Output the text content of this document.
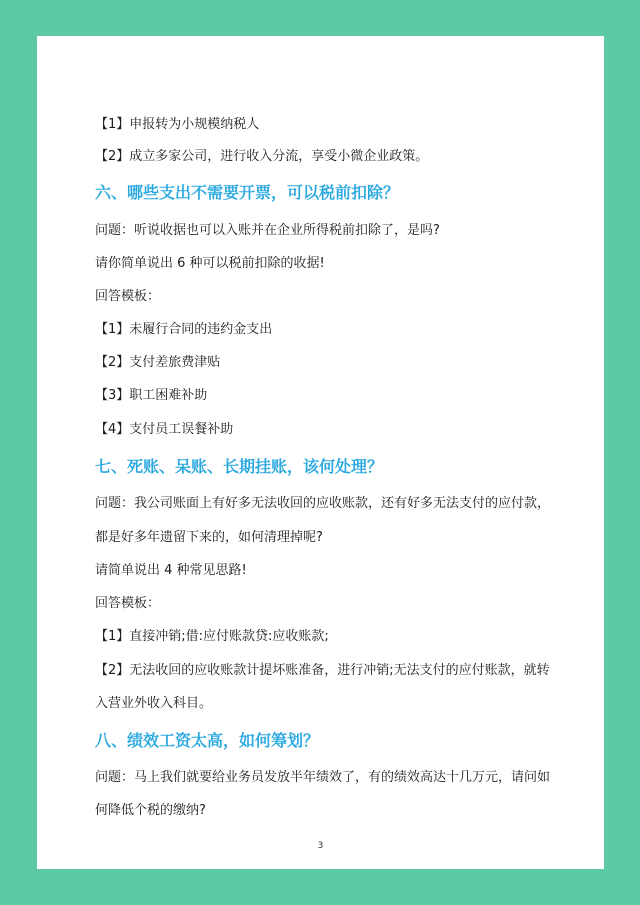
【1】申报转为小规模纳税人
【2】成立多家公司，进行收入分流，享受小微企业政策。
六、哪些支出不需要开票，可以税前扣除？
问题：听说收据也可以入账并在企业所得税前扣除了，是吗?
请你简单说出 6 种可以税前扣除的收据!
回答模板：
【1】未履行合同的违约金支出
【2】支付差旅费津贴
【3】职工困难补助
【4】支付员工误餐补助
七、死账、呆账、长期挂账，该何处理？
问题：我公司账面上有好多无法收回的应收账款，还有好多无法支付的应付款，
都是好多年遗留下来的，如何清理掉呢?
请简单说出 4 种常见思路!
回答模板：
【1】直接冲销;借:应付账款贷:应收账款;
【2】无法收回的应收账款计提坏账准备，进行冲销;无法支付的应付账款，就转
入营业外收入科目。
八、绩效工资太高，如何筹划？
问题：马上我们就要给业务员发放半年绩效了，有的绩效高达十几万元，请问如
何降低个税的缴纳?
3
